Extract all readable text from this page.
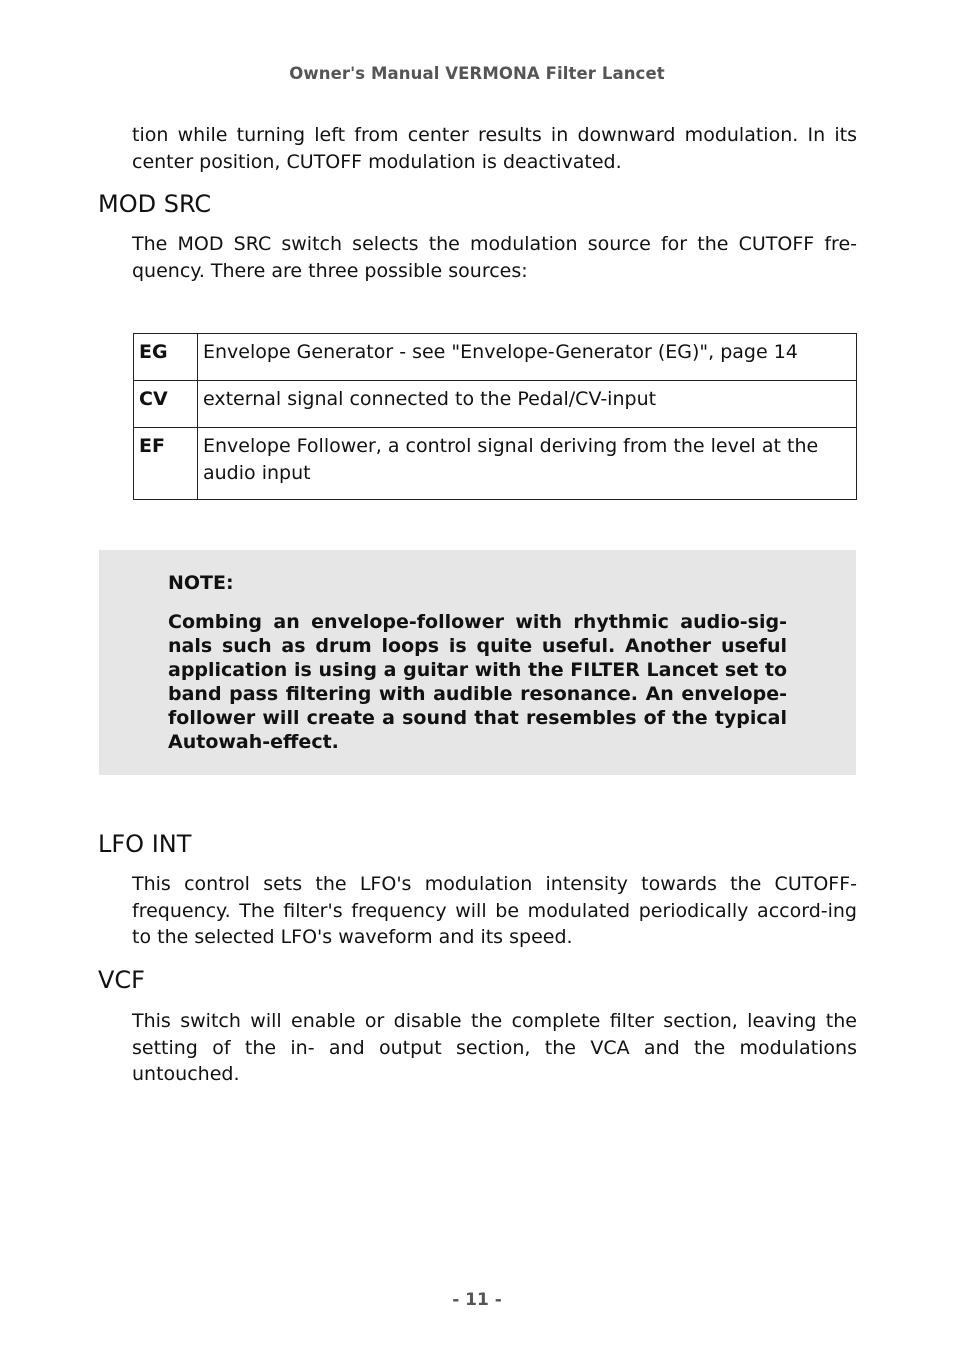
Owner's Manual VERMONA Filter Lancet

tion while turning left from center results in downward modulation. In its center position, CUTOFF modulation is deactivated.

MOD SRC

The MOD SRC switch selects the modulation source for the CUTOFF fre-quency. There are three possible sources:

EG	Envelope Generator - see "Envelope-Generator (EG)", page 14
CV	external signal connected to the Pedal/CV-input
EF	Envelope Follower, a control signal deriving from the level at the audio input

NOTE:

Combing an envelope-follower with rhythmic audio-sig-nals such as drum loops is quite useful. Another useful application is using a guitar with the FILTER Lancet set to band pass filtering with audible resonance. An envelope-follower will create a sound that resembles of the typical Autowah-effect.

LFO INT

This control sets the LFO's modulation intensity towards the CUTOFF-frequency. The filter's frequency will be modulated periodically accord-ing to the selected LFO's waveform and its speed.

VCF

This switch will enable or disable the complete filter section, leaving the setting of the in- and output section, the VCA and the modulations untouched.

- 11 -
